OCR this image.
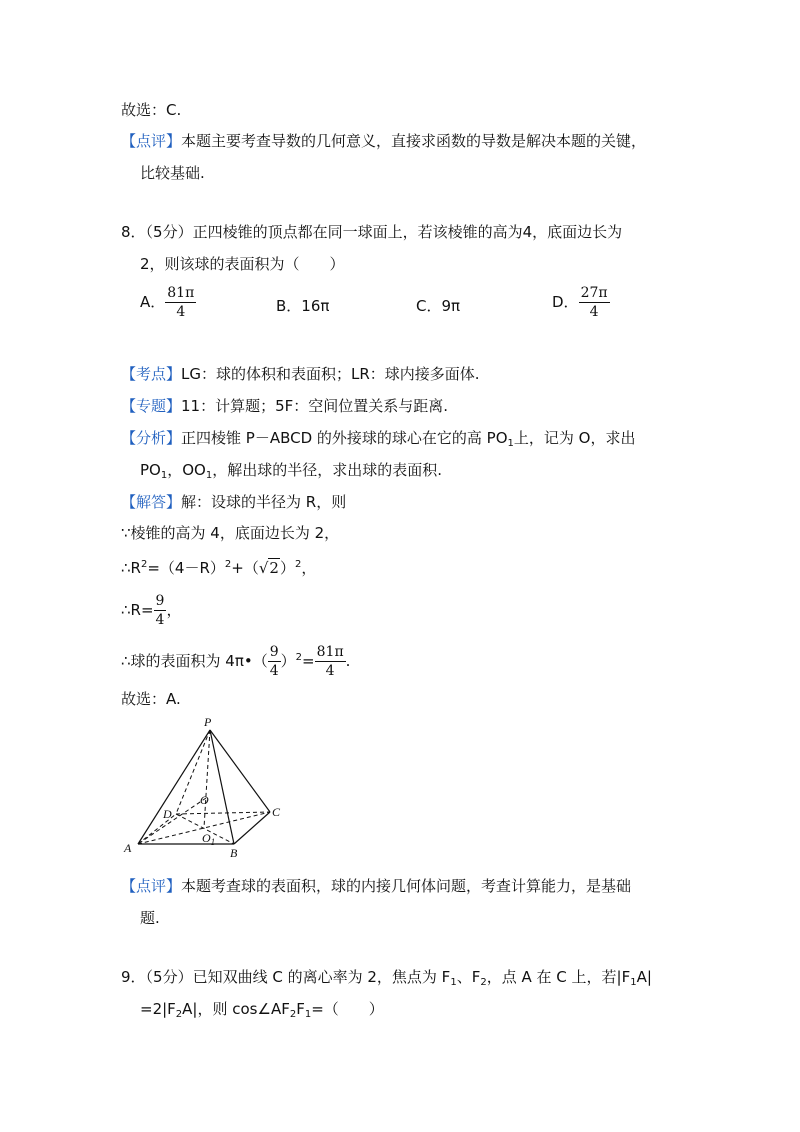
故选：C.
【点评】本题主要考查导数的几何意义，直接求函数的导数是解决本题的关键，
比较基础.
8．（5分）正四棱锥的顶点都在同一球面上，若该棱锥的高为4，底面边长为
2，则该球的表面积为（　　）
A． $\frac{81\pi}{4}$	B．16π	C．9π	D． $\frac{27\pi}{4}$
【考点】LG：球的体积和表面积；LR：球内接多面体.
【专题】11：计算题；5F：空间位置关系与距离.
【分析】正四棱锥 P－ABCD 的外接球的球心在它的高 $PO_1$上，记为 O，求出
$PO_1$，$OO_1$，解出球的半径，求出球的表面积.
【解答】解：设球的半径为 R，则
∵棱锥的高为 4，底面边长为 2，
$\therefore R^2=(4-R)^2+(√2)^2$，
∴R= $\frac{9}{4}$ ，
∴球的表面积为 4π•（ $\frac{9}{4} )^2= \frac{81\pi}{4}$ .
故选：A.
P
O
D	C
$O_1$
A	B
【点评】本题考查球的表面积，球的内接几何体问题，考查计算能力，是基础
题.
9．（5分）已知双曲线 C 的离心率为 2，焦点为 $F_1$、$F_2$，点 A 在 C 上，若$|F_1A|$
$=2|F_2A|$，则 $\cos\angle AF_2F_1=$（　　）
